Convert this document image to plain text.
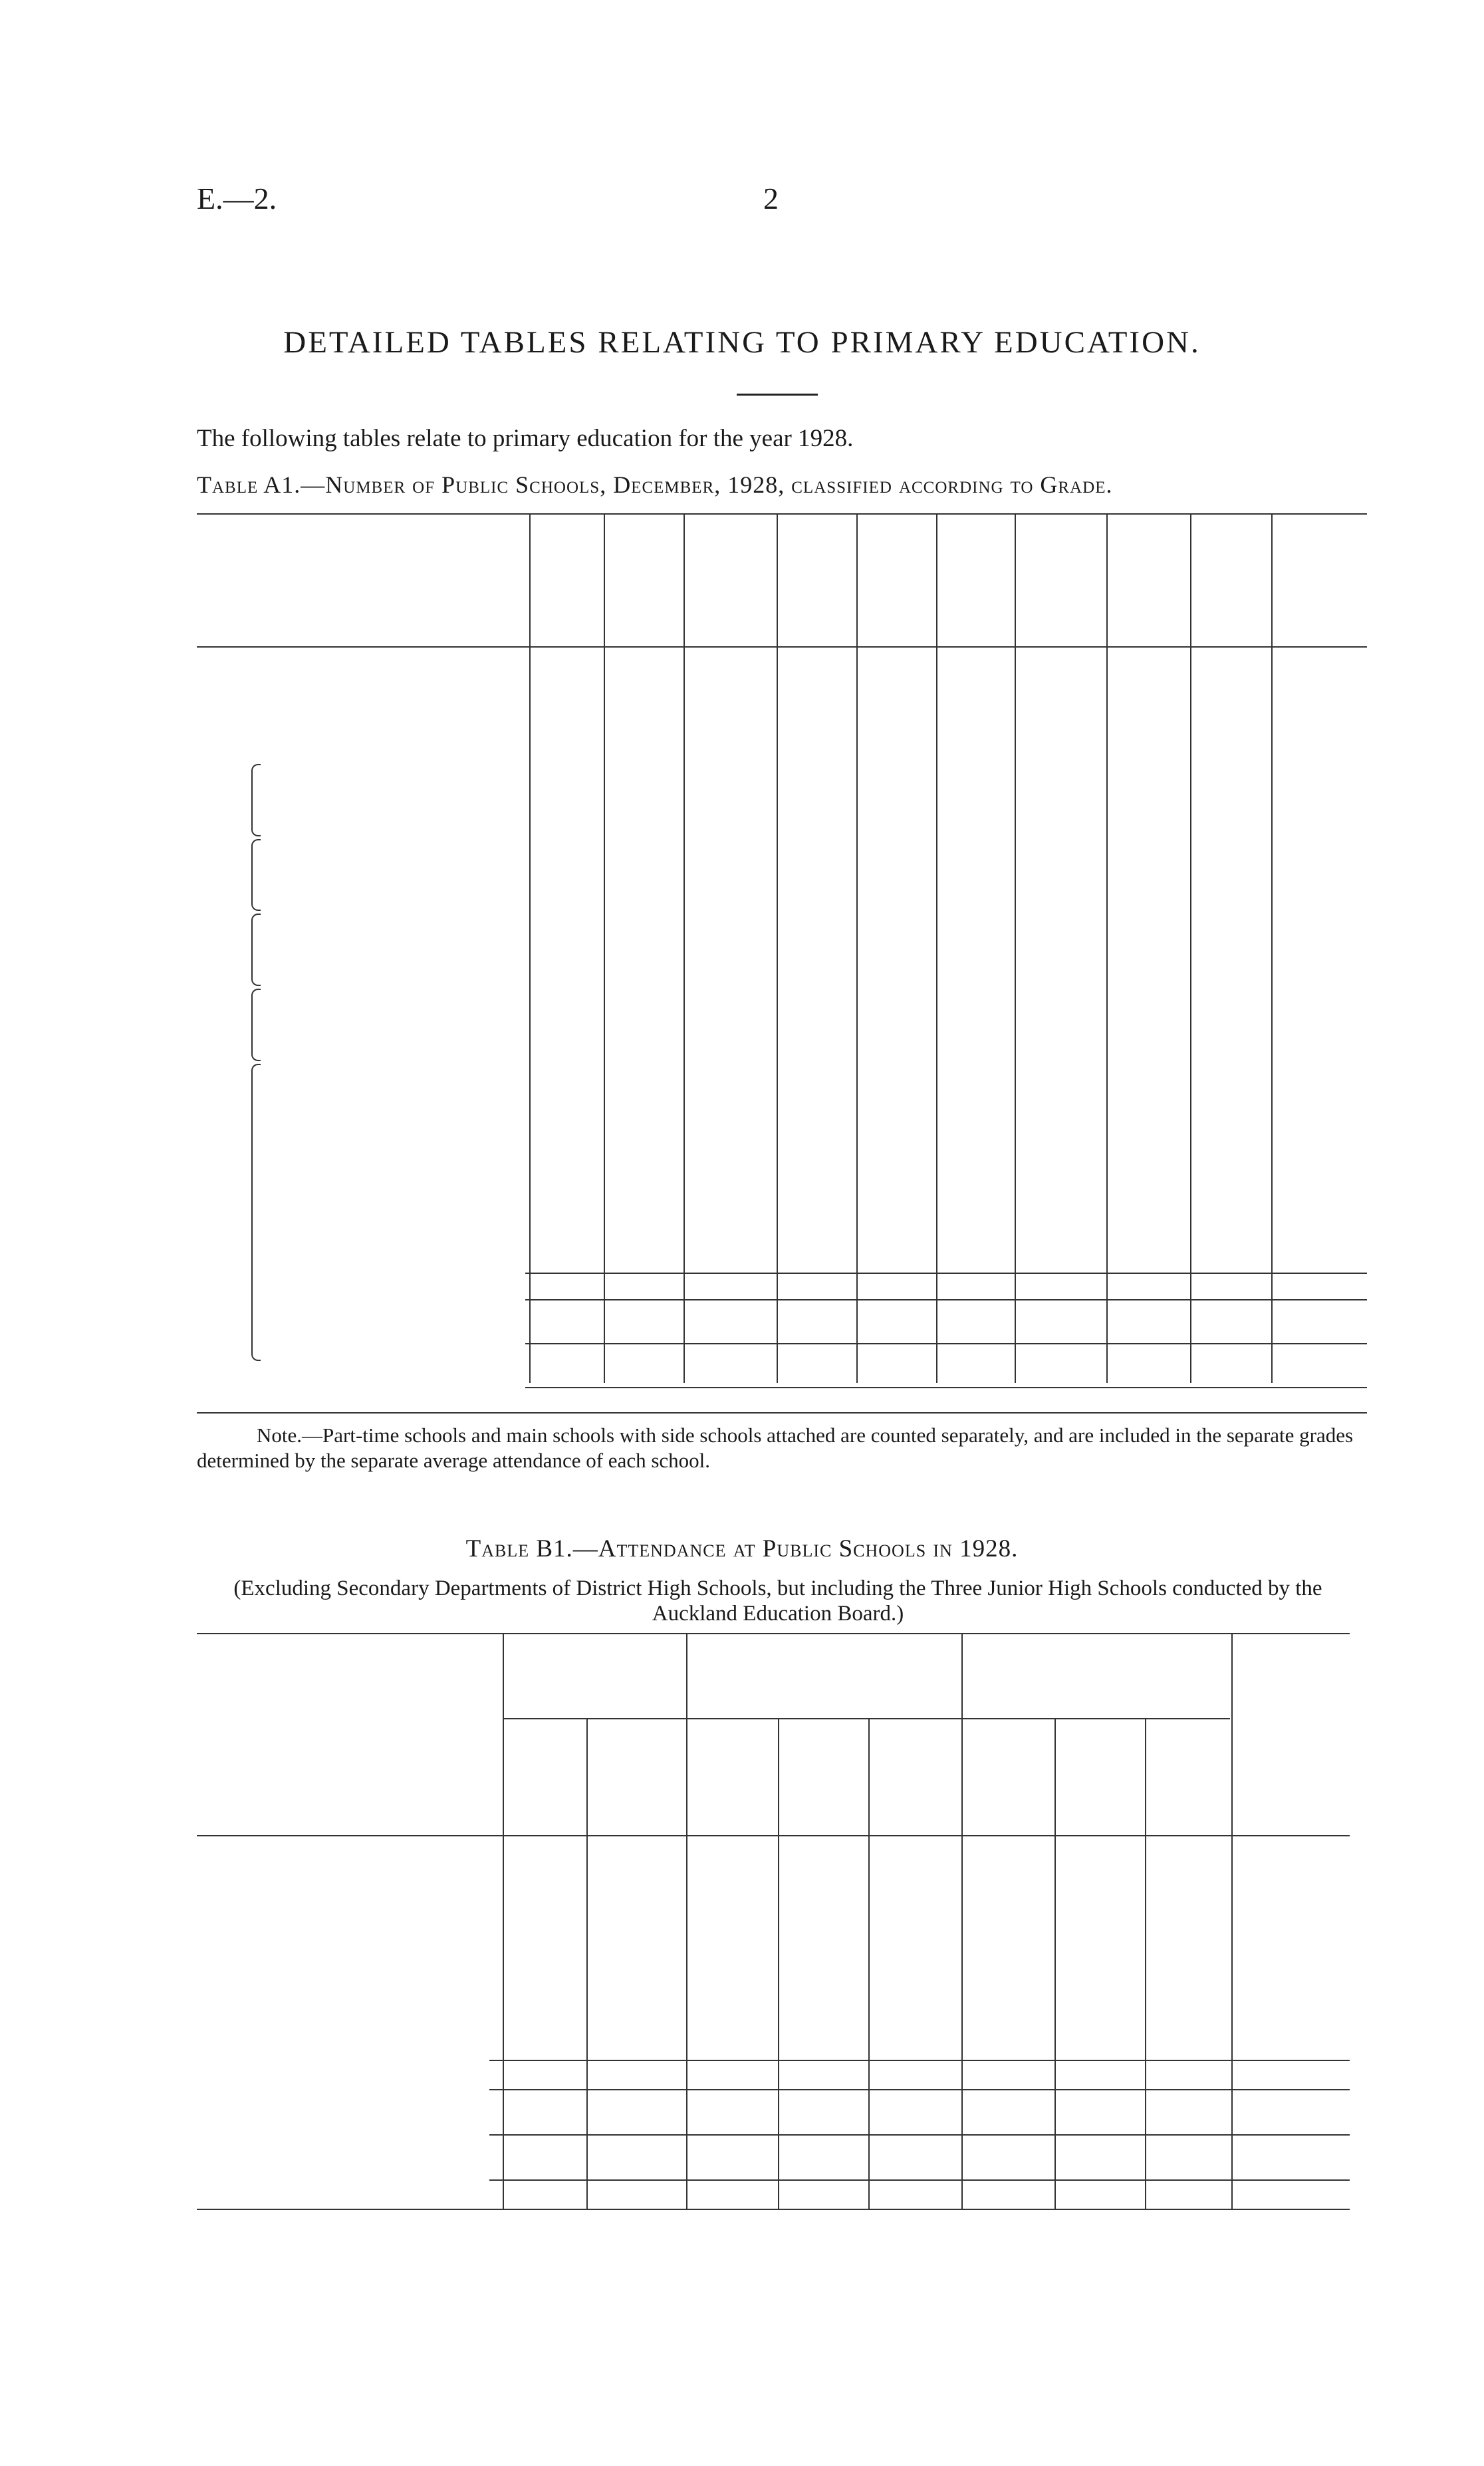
E.—2.	2
DETAILED TABLES RELATING TO PRIMARY EDUCATION.
The following tables relate to primary education for the year 1928.
Table A1.—Number of Public Schools, December, 1928, classified according to Grade.
Note.—Part-time schools and main schools with side schools attached are counted separately, and are included in the separate grades determined by the separate average attendance of each school.
Table B1.—Attendance at Public Schools in 1928.
(Excluding Secondary Departments of District High Schools, but including the Three Junior High Schools conducted by the Auckland Education Board.)
